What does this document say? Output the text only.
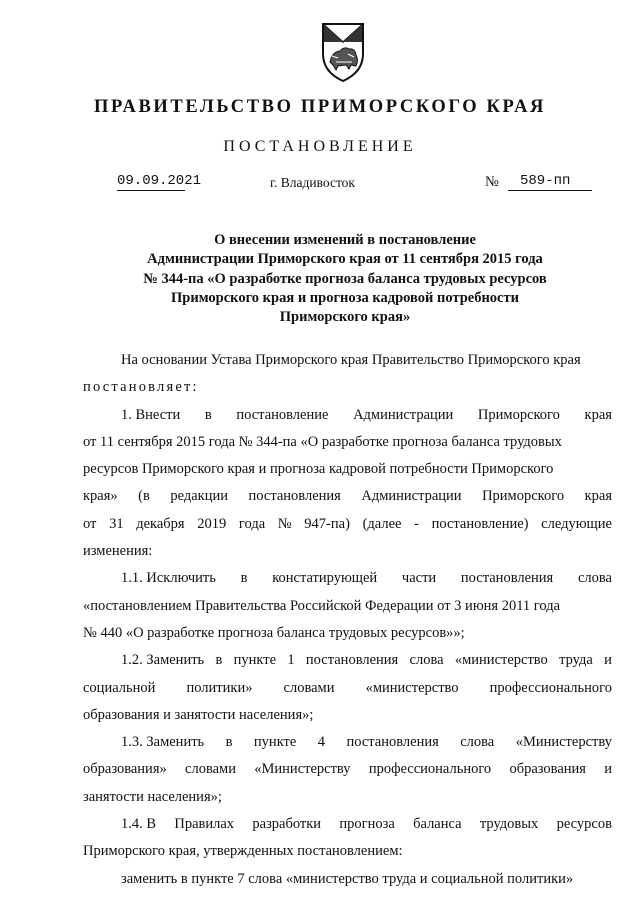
ПРАВИТЕЛЬСТВО ПРИМОРСКОГО КРАЯ
ПОСТАНОВЛЕНИЕ
09.09.2021	г. Владивосток	№	589-пп
О внесении изменений в постановление
Администрации Приморского края от 11 сентября 2015 года
№ 344-па «О разработке прогноза баланса трудовых ресурсов
Приморского края и прогноза кадровой потребности
Приморского края»
На основании Устава Приморского края Правительство Приморского края
постановляет:
1. Внести в постановление Администрации Приморского края
от 11 сентября 2015 года № 344-па «О разработке прогноза баланса трудовых
ресурсов Приморского края и прогноза кадровой потребности Приморского
края» (в редакции постановления Администрации Приморского края
от 31 декабря 2019 года № 947-па) (далее - постановление) следующие
изменения:
1.1. Исключить в констатирующей части постановления слова
«постановлением Правительства Российской Федерации от 3 июня 2011 года
№ 440 «О разработке прогноза баланса трудовых ресурсов»»;
1.2. Заменить в пункте 1 постановления слова «министерство труда и
социальной политики» словами «министерство профессионального
образования и занятости населения»;
1.3. Заменить в пункте 4 постановления слова «Министерству
образования» словами «Министерству профессионального образования и
занятости населения»;
1.4. В Правилах разработки прогноза баланса трудовых ресурсов
Приморского края, утвержденных постановлением:
заменить в пункте 7 слова «министерство труда и социальной политики»
